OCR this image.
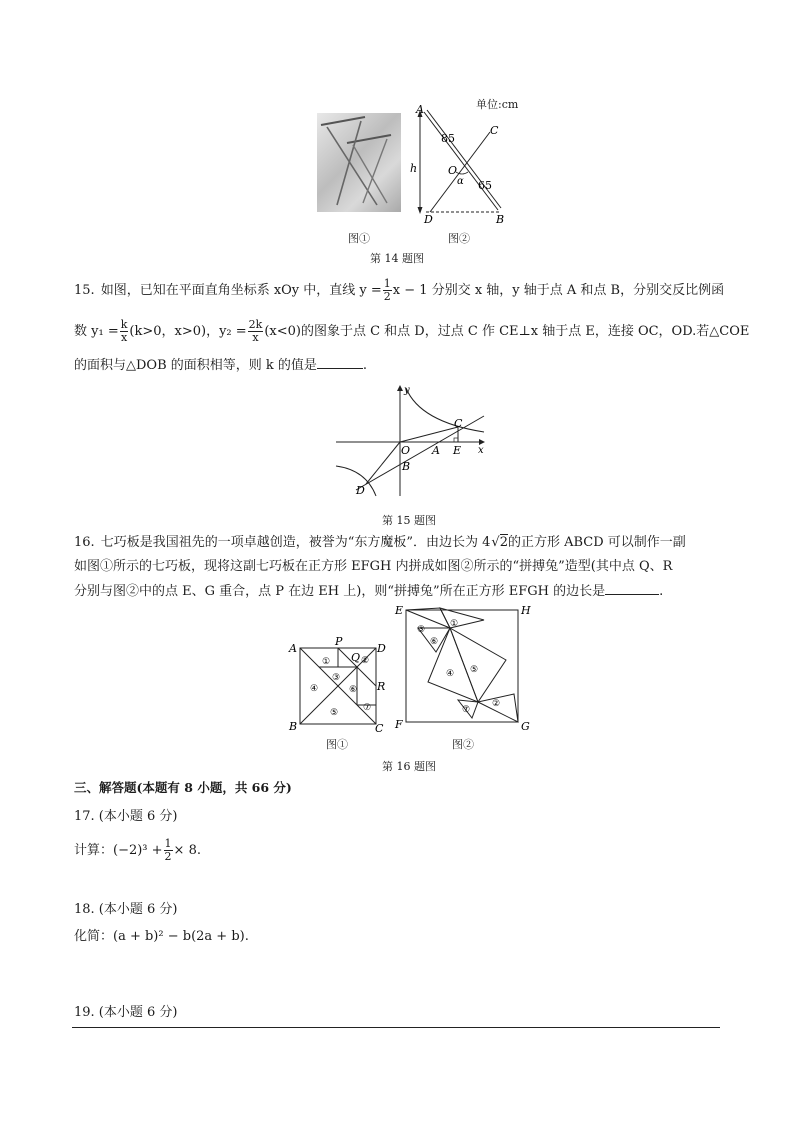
单位:cm
A
C
O
α
h
D	B
85
65
图①	图②
第 14 题图
15. 如图，已知在平面直角坐标系 xOy 中，直线 $y = \frac{1}{2}$ x − 1 分别交 x 轴，y 轴于点 A 和点 B，分别交反比例函
数 $y_1 = \frac{k}{x} (k>0$，x>0)，$y_2 = \frac{2k}{x} (x<0)$的图象于点 C 和点 D，过点 C 作 CE⊥x 轴于点 E，连接 OC，OD.若△COE
的面积与△DOB 的面积相等，则 k 的值是	.
y
x
O A E
C
B
D
第 15 题图
16. 七巧板是我国祖先的一项卓越创造，被誉为“东方魔板”．由边长为 4 √2 的正方形 ABCD 可以制作一副
如图①所示的七巧板，现将这副七巧板在正方形 EFGH 内拼成如图②所示的“拼搏兔”造型(其中点 Q、R
分别与图②中的点 E、G 重合，点 P 在边 EH 上)，则“拼搏兔”所在正方形 EFGH 的边长是	.
A
P
D
Q
R
B	C
①	②
③
④
⑤
⑥
⑦
图①
E	H
F	G
①
③
⑥
④ ⑤
⑦
②
图②
第 16 题图
三、解答题(本题有 8 小题，共 66 分)
17. (本小题 6 分)
计算：$(-2)^3 + \frac{1}{2} \times 8$.
18. (本小题 6 分)
化简：(a + b)² − b(2a + b).
19. (本小题 6 分)
